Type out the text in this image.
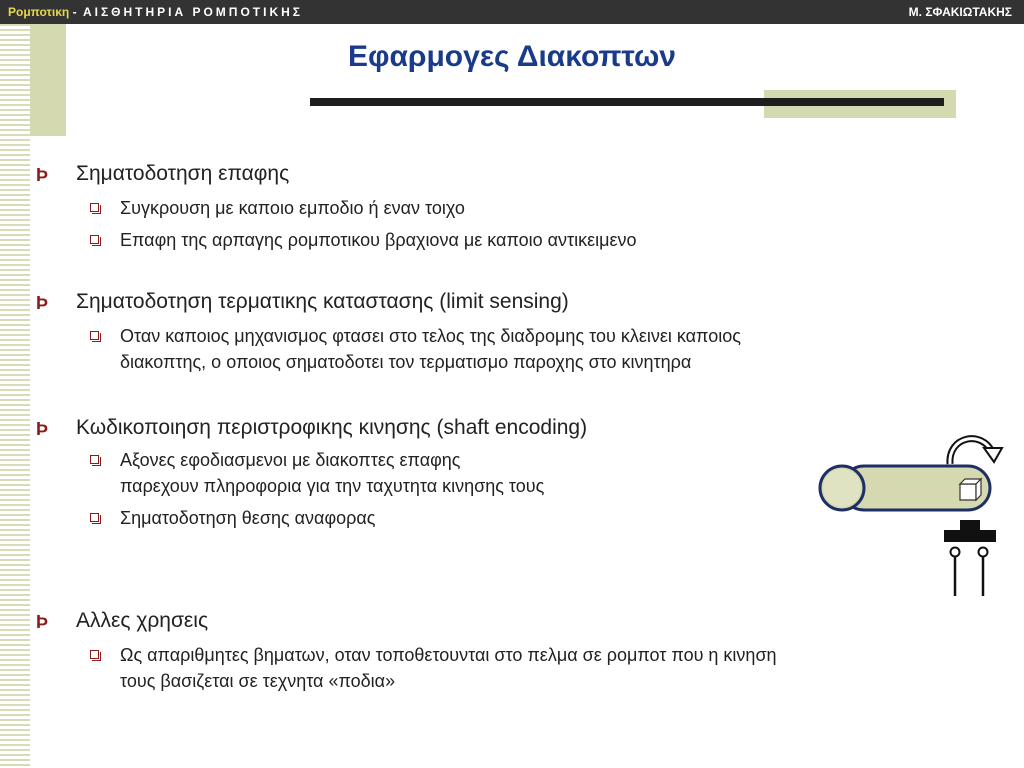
Ρομποτικη - ΑΙΣΘΗΤΗΡΙΑ ΡΟΜΠΟΤΙΚΗΣ	Μ. ΣΦΑΚΙΩΤΑΚΗΣ
Εφαρμογες Διακοπτων
Þ Σηματοδοτηση επαφης
Συγκρουση με καποιο εμποδιο ή εναν τοιχο
Επαφη της αρπαγης ρομποτικου βραχιονα με καποιο αντικειμενο
Þ Σηματοδοτηση τερματικης καταστασης (limit sensing)
Οταν καποιος μηχανισμος φτασει στο τελος της διαδρομης του κλεινει καποιος
διακοπτης, ο οποιος σηματοδοτει τον τερματισμο παροχης στο κινητηρα
Þ Κωδικοποιηση περιστροφικης κινησης (shaft encoding)
Αξονες εφοδιασμενοι με διακοπτες επαφης
παρεχουν πληροφορια για την ταχυτητα κινησης τους
Σηματοδοτηση θεσης αναφορας
Þ Αλλες χρησεις
Ως απαριθμητες βηματων, οταν τοποθετουνται στο πελμα σε ρομποτ που η κινηση
τους βασιζεται σε τεχνητα «ποδια»
